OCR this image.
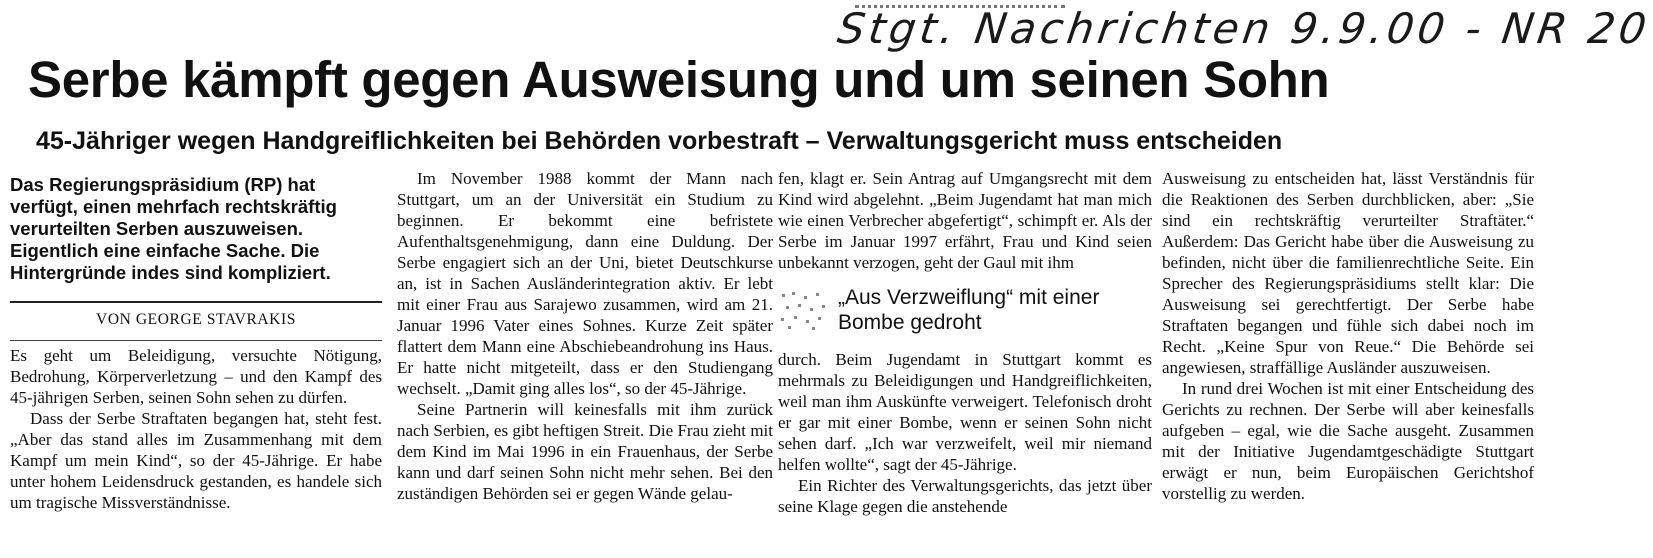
Stgt. Nachrichten 9.9.00 - NR 20
Serbe kämpft gegen Ausweisung und um seinen Sohn
45-Jähriger wegen Handgreiflichkeiten bei Behörden vorbestraft – Verwaltungsgericht muss entscheiden

Das Regierungspräsidium (RP) hat verfügt, einen mehrfach rechtskräftig verurteilten Serben auszuweisen. Eigentlich eine einfache Sache. Die Hintergründe indes sind kompliziert.

VON GEORGE STAVRAKIS

Es geht um Beleidigung, versuchte Nötigung, Bedrohung, Körperverletzung – und den Kampf des 45-jährigen Serben, seinen Sohn sehen zu dürfen.

Dass der Serbe Straftaten begangen hat, steht fest. „Aber das stand alles im Zusammenhang mit dem Kampf um mein Kind“, so der 45-Jährige. Er habe unter hohem Leidensdruck gestanden, es handele sich um tragische Missverständnisse.

Im November 1988 kommt der Mann nach Stuttgart, um an der Universität ein Studium zu beginnen. Er bekommt eine befristete Aufenthaltsgenehmigung, dann eine Duldung. Der Serbe engagiert sich an der Uni, bietet Deutschkurse an, ist in Sachen Ausländerintegration aktiv. Er lebt mit einer Frau aus Sarajewo zusammen, wird am 21. Januar 1996 Vater eines Sohnes. Kurze Zeit später flattert dem Mann eine Abschiebeandrohung ins Haus. Er hatte nicht mitgeteilt, dass er den Studiengang wechselt. „Damit ging alles los“, so der 45-Jährige.

Seine Partnerin will keinesfalls mit ihm zurück nach Serbien, es gibt heftigen Streit. Die Frau zieht mit dem Kind im Mai 1996 in ein Frauenhaus, der Serbe kann und darf seinen Sohn nicht mehr sehen. Bei den zuständigen Behörden sei er gegen Wände gelau-

fen, klagt er. Sein Antrag auf Umgangsrecht mit dem Kind wird abgelehnt. „Beim Jugendamt hat man mich wie einen Verbrecher abgefertigt“, schimpft er. Als der Serbe im Januar 1997 erfährt, Frau und Kind seien unbekannt verzogen, geht der Gaul mit ihm

„Aus Verzweiflung“ mit einer Bombe gedroht

durch. Beim Jugendamt in Stuttgart kommt es mehrmals zu Beleidigungen und Handgreiflichkeiten, weil man ihm Auskünfte verweigert. Telefonisch droht er gar mit einer Bombe, wenn er seinen Sohn nicht sehen darf. „Ich war verzweifelt, weil mir niemand helfen wollte“, sagt der 45-Jährige.

Ein Richter des Verwaltungsgerichts, das jetzt über seine Klage gegen die anstehende

Ausweisung zu entscheiden hat, lässt Verständnis für die Reaktionen des Serben durchblicken, aber: „Sie sind ein rechtskräftig verurteilter Straftäter.“ Außerdem: Das Gericht habe über die Ausweisung zu befinden, nicht über die familienrechtliche Seite. Ein Sprecher des Regierungspräsidiums stellt klar: Die Ausweisung sei gerechtfertigt. Der Serbe habe Straftaten begangen und fühle sich dabei noch im Recht. „Keine Spur von Reue.“ Die Behörde sei angewiesen, straffällige Ausländer auszuweisen.

In rund drei Wochen ist mit einer Entscheidung des Gerichts zu rechnen. Der Serbe will aber keinesfalls aufgeben – egal, wie die Sache ausgeht. Zusammen mit der Initiative Jugendamtgeschädigte Stuttgart erwägt er nun, beim Europäischen Gerichtshof vorstellig zu werden.
